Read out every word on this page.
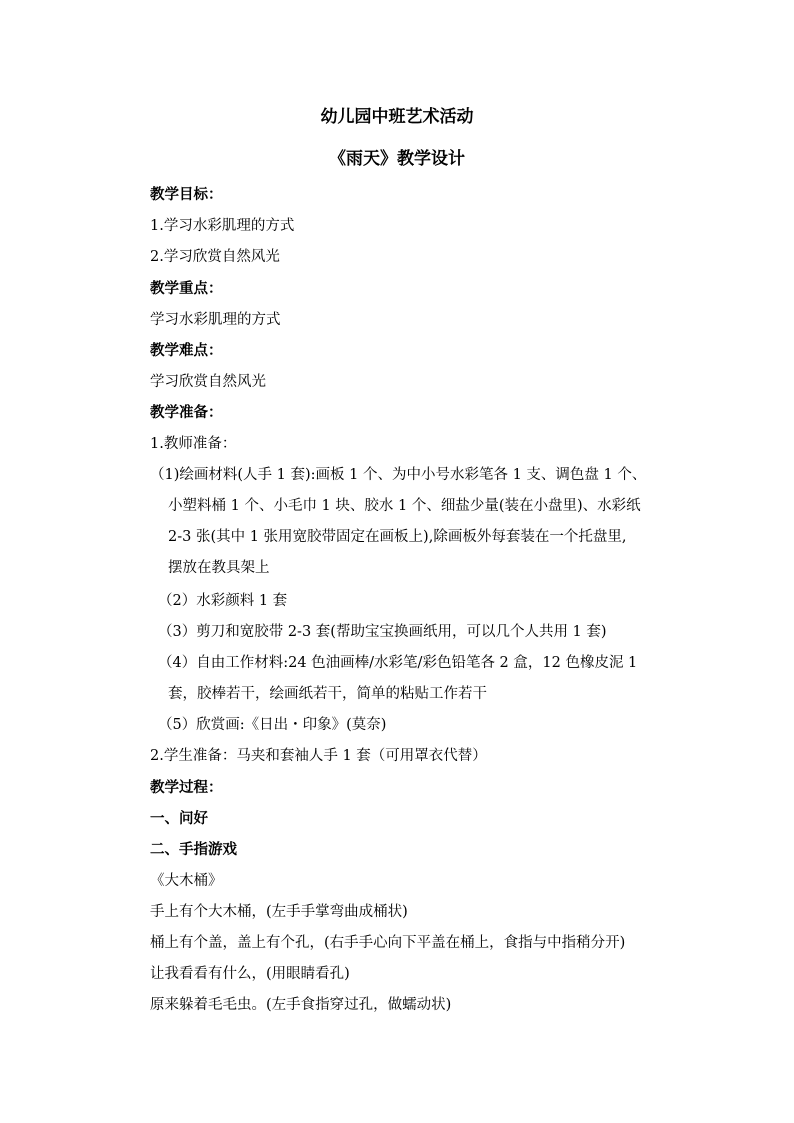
幼儿园中班艺术活动
《雨天》教学设计
教学目标：
1.学习水彩肌理的方式
2.学习欣赏自然风光
教学重点：
学习水彩肌理的方式
教学难点：
学习欣赏自然风光
教学准备：
1.教师准备：
（1)绘画材料(人手 1 套):画板 1 个、为中小号水彩笔各 1 支、调色盘 1 个、
小塑料桶 1 个、小毛巾 1 块、胶水 1 个、细盐少量(装在小盘里)、水彩纸
2-3 张(其中 1 张用宽胶带固定在画板上),除画板外每套装在一个托盘里,
摆放在教具架上
（2）水彩颜料 1 套
（3）剪刀和宽胶带 2-3 套(帮助宝宝换画纸用，可以几个人共用 1 套)
（4）自由工作材料:24 色油画棒/水彩笔/彩色铅笔各 2 盒，12 色橡皮泥 1
套，胶棒若干，绘画纸若干，简单的粘贴工作若干
（5）欣赏画:《日出・印象》(莫奈)
2.学生准备：马夹和套袖人手 1 套（可用罩衣代替）
教学过程：
一、问好
二、手指游戏
《大木桶》
手上有个大木桶，(左手手掌弯曲成桶状)
桶上有个盖，盖上有个孔，(右手手心向下平盖在桶上，食指与中指稍分开)
让我看看有什么，(用眼睛看孔)
原来躲着毛毛虫。(左手食指穿过孔，做蠕动状)
